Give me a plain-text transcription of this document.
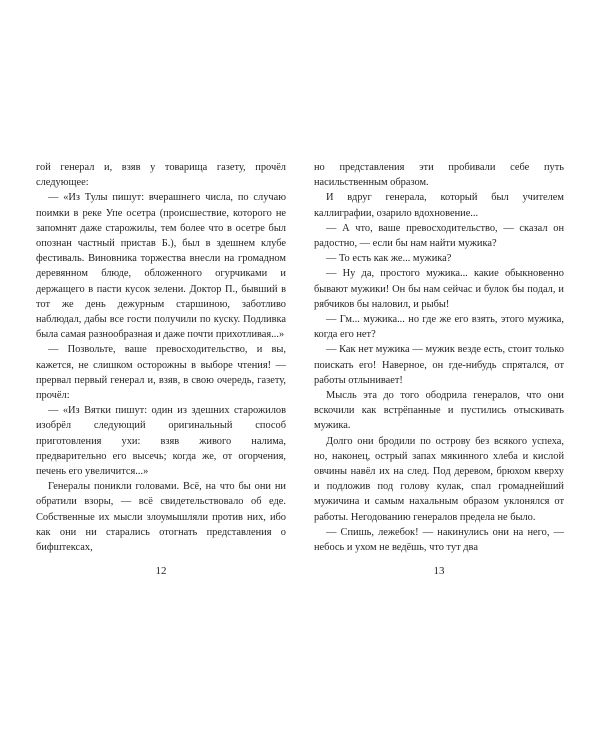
гой генерал и, взяв у товарища газету, прочёл следующее:

— «Из Тулы пишут: вчерашнего числа, по случаю поимки в реке Упе осетра (происшествие, которого не запомнят даже старожилы, тем более что в осетре был опознан частный пристав Б.), был в здешнем клубе фестиваль. Виновника торжества внесли на громадном деревянном блюде, обложенного огурчиками и держащего в пасти кусок зелени. Доктор П., бывший в тот же день дежурным старшиною, заботливо наблюдал, дабы все гости получили по куску. Подливка была самая разнообразная и даже почти прихотливая...»

— Позвольте, ваше превосходительство, и вы, кажется, не слишком осторожны в выборе чтения! — прервал первый генерал и, взяв, в свою очередь, газету, прочёл:

— «Из Вятки пишут: один из здешних старожилов изобрёл следующий оригинальный способ приготовления ухи: взяв живого налима, предварительно его высечь; когда же, от огорчения, печень его увеличится...»

Генералы поникли головами. Всё, на что бы они ни обратили взоры, — всё свидетельствовало об еде. Собственные их мысли злоумышляли против них, ибо как они ни старались отогнать представления о бифштексах,

12

но представления эти пробивали себе путь насильственным образом.

И вдруг генерала, который был учителем каллиграфии, озарило вдохновение...

— А что, ваше превосходительство, — сказал он радостно, — если бы нам найти мужика?

— То есть как же... мужика?

— Ну да, простого мужика... какие обыкновенно бывают мужики! Он бы нам сейчас и булок бы подал, и рябчиков бы наловил, и рыбы!

— Гм... мужика... но где же его взять, этого мужика, когда его нет?

— Как нет мужика — мужик везде есть, стоит только поискать его! Наверное, он где-нибудь спрятался, от работы отлынивает!

Мысль эта до того ободрила генералов, что они вскочили как встрёпанные и пустились отыскивать мужика.

Долго они бродили по острову без всякого успеха, но, наконец, острый запах мякинного хлеба и кислой овчины навёл их на след. Под деревом, брюхом кверху и подложив под голову кулак, спал громаднейший мужичина и самым нахальным образом уклонялся от работы. Негодованию генералов предела не было.

— Спишь, лежебок! — накинулись они на него, — небось и ухом не ведёшь, что тут два

13
